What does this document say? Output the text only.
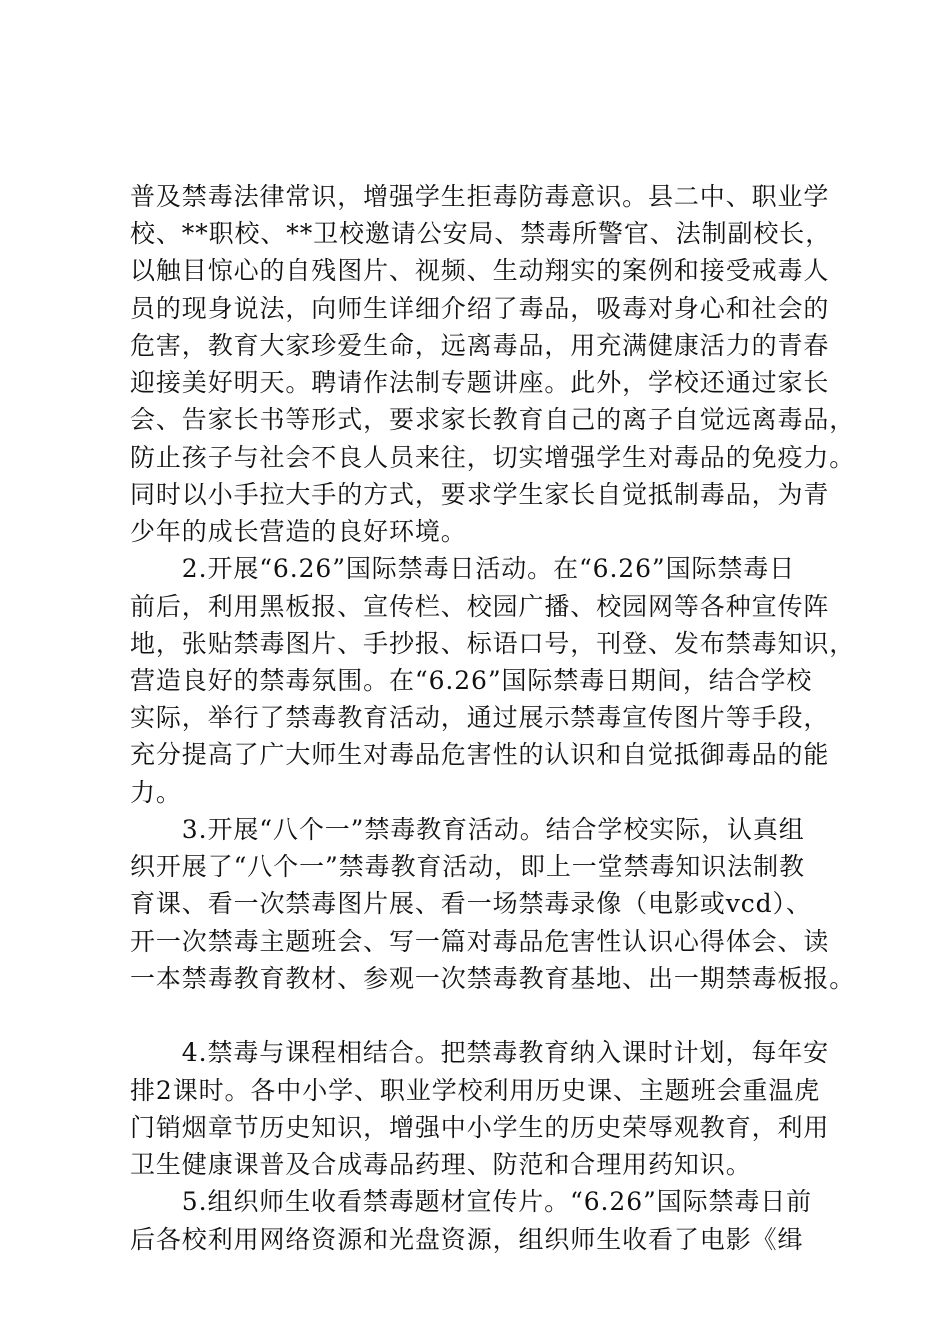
普及禁毒法律常识，增强学生拒毒防毒意识。县二中、职业学
校、**职校、**卫校邀请公安局、禁毒所警官、法制副校长，
以触目惊心的自残图片、视频、生动翔实的案例和接受戒毒人
员的现身说法，向师生详细介绍了毒品，吸毒对身心和社会的
危害，教育大家珍爱生命，远离毒品，用充满健康活力的青春
迎接美好明天。聘请作法制专题讲座。此外，学校还通过家长
会、告家长书等形式，要求家长教育自己的离子自觉远离毒品，
防止孩子与社会不良人员来往，切实增强学生对毒品的免疫力。
同时以小手拉大手的方式，要求学生家长自觉抵制毒品，为青
少年的成长营造的良好环境。
　　2.开展“6.26”国际禁毒日活动。在“6.26”国际禁毒日
前后，利用黑板报、宣传栏、校园广播、校园网等各种宣传阵
地，张贴禁毒图片、手抄报、标语口号，刊登、发布禁毒知识，
营造良好的禁毒氛围。在“6.26”国际禁毒日期间，结合学校
实际，举行了禁毒教育活动，通过展示禁毒宣传图片等手段，
充分提高了广大师生对毒品危害性的认识和自觉抵御毒品的能
力。
　　3.开展“八个一”禁毒教育活动。结合学校实际，认真组
织开展了“八个一”禁毒教育活动，即上一堂禁毒知识法制教
育课、看一次禁毒图片展、看一场禁毒录像（电影或vcd）、
开一次禁毒主题班会、写一篇对毒品危害性认识心得体会、读
一本禁毒教育教材、参观一次禁毒教育基地、出一期禁毒板报。
　　4.禁毒与课程相结合。把禁毒教育纳入课时计划，每年安
排2课时。各中小学、职业学校利用历史课、主题班会重温虎
门销烟章节历史知识，增强中小学生的历史荣辱观教育，利用
卫生健康课普及合成毒品药理、防范和合理用药知识。
　　5.组织师生收看禁毒题材宣传片。“6.26”国际禁毒日前
后各校利用网络资源和光盘资源，组织师生收看了电影《缉
